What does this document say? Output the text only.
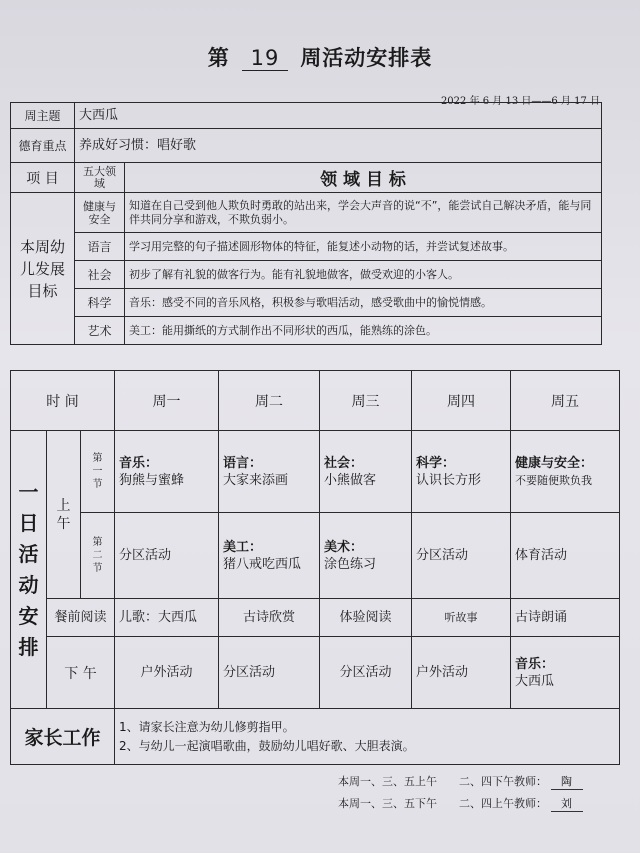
第 19 周活动安排表
2022 年 6 月 13 日——6 月 17 日
周主题	大西瓜	
德育重点	养成好习惯：唱好歌	
项 目	五大领域	领 域 目 标
本周幼儿发展目标	健康与安全	知道在自己受到他人欺负时勇敢的站出来，学会大声音的说“不”，能尝试自己解决矛盾，能与同伴共同分享和游戏，不欺负弱小。
	语言	学习用完整的句子描述圆形物体的特征，能复述小动物的话，并尝试复述故事。
	社会	初步了解有礼貌的做客行为。能有礼貌地做客，做受欢迎的小客人。
	科学	音乐：感受不同的音乐风格，积极参与歌唱活动，感受歌曲中的愉悦情感。
	艺术	美工：能用撕纸的方式制作出不同形状的西瓜，能熟练的涂色。
时 间			周一	周二	周三	周四	周五
一日活动安排	上午	第一节	音乐：
狗熊与蜜蜂	语言：
大家来添画	社会：
小熊做客	科学：
认识长方形	健康与安全：
不要随便欺负我
		第二节	分区活动	美工：
猪八戒吃西瓜	美术：
涂色练习	分区活动	体育活动
	餐前阅读		儿歌：大西瓜	古诗欣赏	体验阅读	听故事	古诗朗诵
	下 午		户外活动	分区活动	分区活动	户外活动	音乐：
大西瓜
家长工作			1、请家长注意为幼儿修剪指甲。
2、与幼儿一起演唱歌曲，鼓励幼儿唱好歌、大胆表演。				
本周一、三、五上午　　二、四下午教师： 陶
本周一、三、五下午　　二、四上午教师： 刘
